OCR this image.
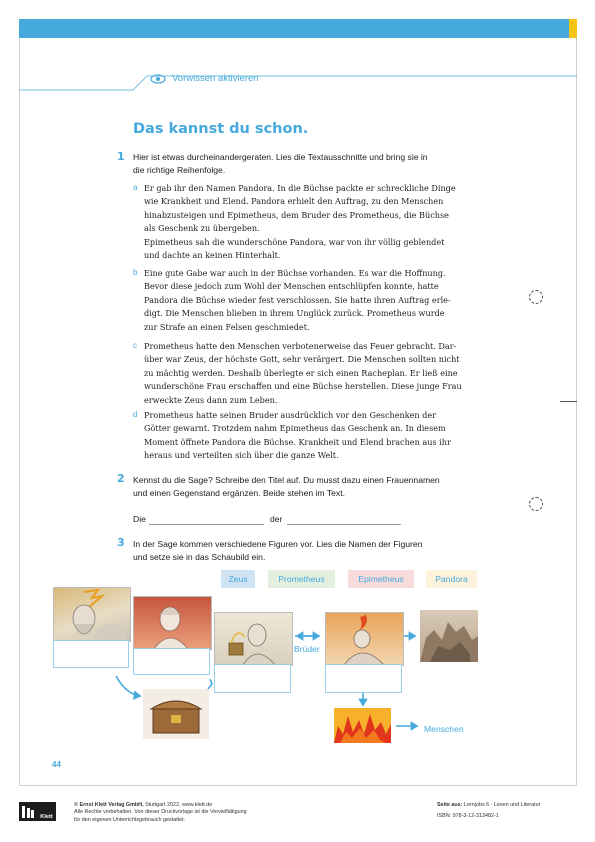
Vorwissen aktivieren
Das kannst du schon.
1 Hier ist etwas durcheinandergeraten. Lies die Textausschnitte und bring sie in
die richtige Reihenfolge.
a Er gab ihr den Namen Pandora. In die Büchse packte er schreckliche Dinge
wie Krankheit und Elend. Pandora erhielt den Auftrag, zu den Menschen
hinabzusteigen und Epimetheus, dem Bruder des Prometheus, die Büchse
als Geschenk zu übergeben.
Epimetheus sah die wunderschöne Pandora, war von ihr völlig geblendet
und dachte an keinen Hinterhalt.
b Eine gute Gabe war auch in der Büchse vorhanden. Es war die Hoffnung.
Bevor diese jedoch zum Wohl der Menschen entschlüpfen konnte, hatte
Pandora die Büchse wieder fest verschlossen. Sie hatte ihren Auftrag erle-
digt. Die Menschen blieben in ihrem Unglück zurück. Prometheus wurde
zur Strafe an einen Felsen geschmiedet.
c Prometheus hatte den Menschen verbotenerweise das Feuer gebracht. Dar-
über war Zeus, der höchste Gott, sehr verärgert. Die Menschen sollten nicht
zu mächtig werden. Deshalb überlegte er sich einen Racheplan. Er ließ eine
wunderschöne Frau erschaffen und eine Büchse herstellen. Diese junge Frau
erweckte Zeus dann zum Leben.
d Prometheus hatte seinen Bruder ausdrücklich vor den Geschenken der
Götter gewarnt. Trotzdem nahm Epimetheus das Geschenk an. In diesem
Moment öffnete Pandora die Büchse. Krankheit und Elend brachen aus ihr
heraus und verteilten sich über die ganze Welt.
2 Kennst du die Sage? Schreibe den Titel auf. Du musst dazu einen Frauennamen
und einen Gegenstand ergänzen. Beide stehen im Text.
Die	der
3 In der Sage kommen verschiedene Figuren vor. Lies die Namen der Figuren
und setze sie in das Schaubild ein.
Zeus	Prometheus	Epimetheus	Pandora
Brüder
Menschen
44
Klett
© Ernst Klett Verlag GmbH, Stuttgart 2022, www.klett.de
Alle Rechte vorbehalten. Von dieser Druckvorlage ist die Vervielfältigung
für den eigenen Unterrichtsgebrauch gestattet.
Seite aus: Lernjobs 6 - Lesen und Literatur
ISBN: 978-3-12-313482-1
